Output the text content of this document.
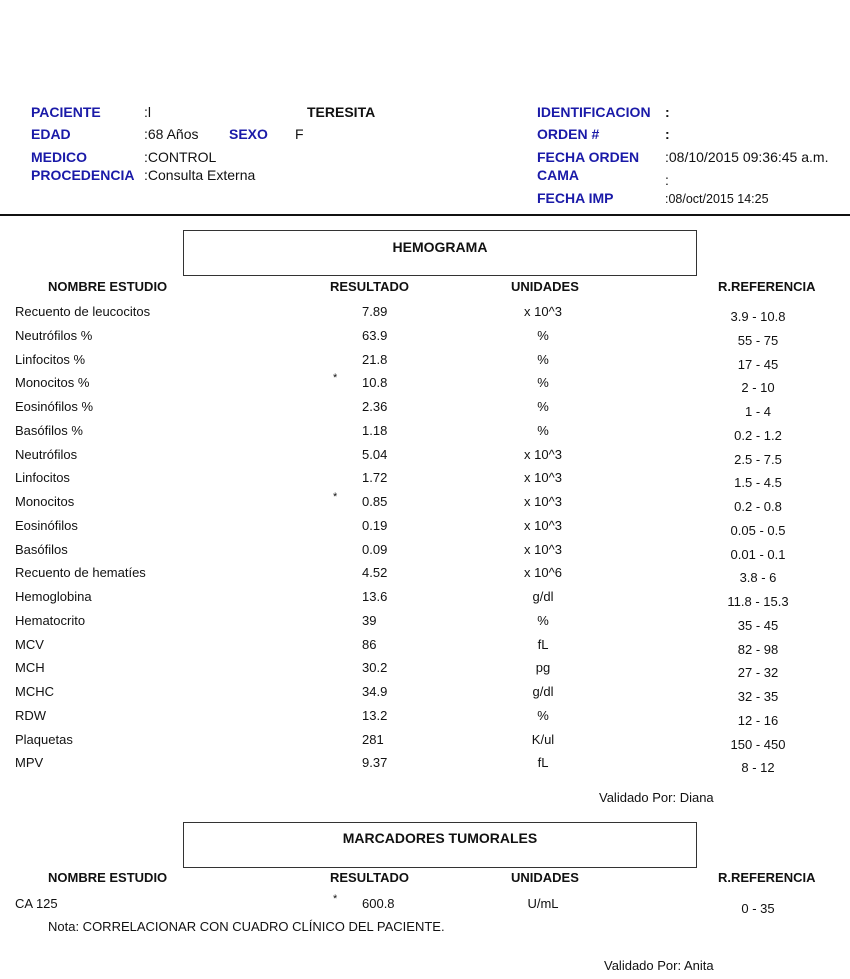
PACIENTE	:l	TERESITA
EDAD	:68 Años SEXO F
MEDICO	:CONTROL
PROCEDENCIA :Consulta Externa
IDENTIFICACION :
ORDEN #	:
FECHA ORDEN :08/10/2015 09:36:45 a.m.
CAMA	:
FECHA IMP	:08/oct/2015 14:25
HEMOGRAMA
NOMBRE ESTUDIO	RESULTADO	UNIDADES	R.REFERENCIA
Recuento de leucocitos	7.89	x 10^3	3.9 - 10.8
Neutrófilos %	63.9	%	55 - 75
Linfocitos %	21.8	%	17 - 45
Monocitos %	* 10.8	%	2 - 10
Eosinófilos %	2.36	%	1 - 4
Basófilos %	1.18	%	0.2 - 1.2
Neutrófilos	5.04	x 10^3	2.5 - 7.5
Linfocitos	1.72	x 10^3	1.5 - 4.5
Monocitos	* 0.85	x 10^3	0.2 - 0.8
Eosinófilos	0.19	x 10^3	0.05 - 0.5
Basófilos	0.09	x 10^3	0.01 - 0.1
Recuento de hematíes	4.52	x 10^6	3.8 - 6
Hemoglobina	13.6	g/dl	11.8 - 15.3
Hematocrito	39	%	35 - 45
MCV	86	fL	82 - 98
MCH	30.2	pg	27 - 32
MCHC	34.9	g/dl	32 - 35
RDW	13.2	%	12 - 16
Plaquetas	281	K/ul	150 - 450
MPV	9.37	fL	8 - 12
Validado Por: Diana
MARCADORES TUMORALES
NOMBRE ESTUDIO	RESULTADO	UNIDADES	R.REFERENCIA
CA 125	* 600.8	U/mL	0 - 35
Nota: CORRELACIONAR CON CUADRO CLÍNICO DEL PACIENTE.
Validado Por: Anita
